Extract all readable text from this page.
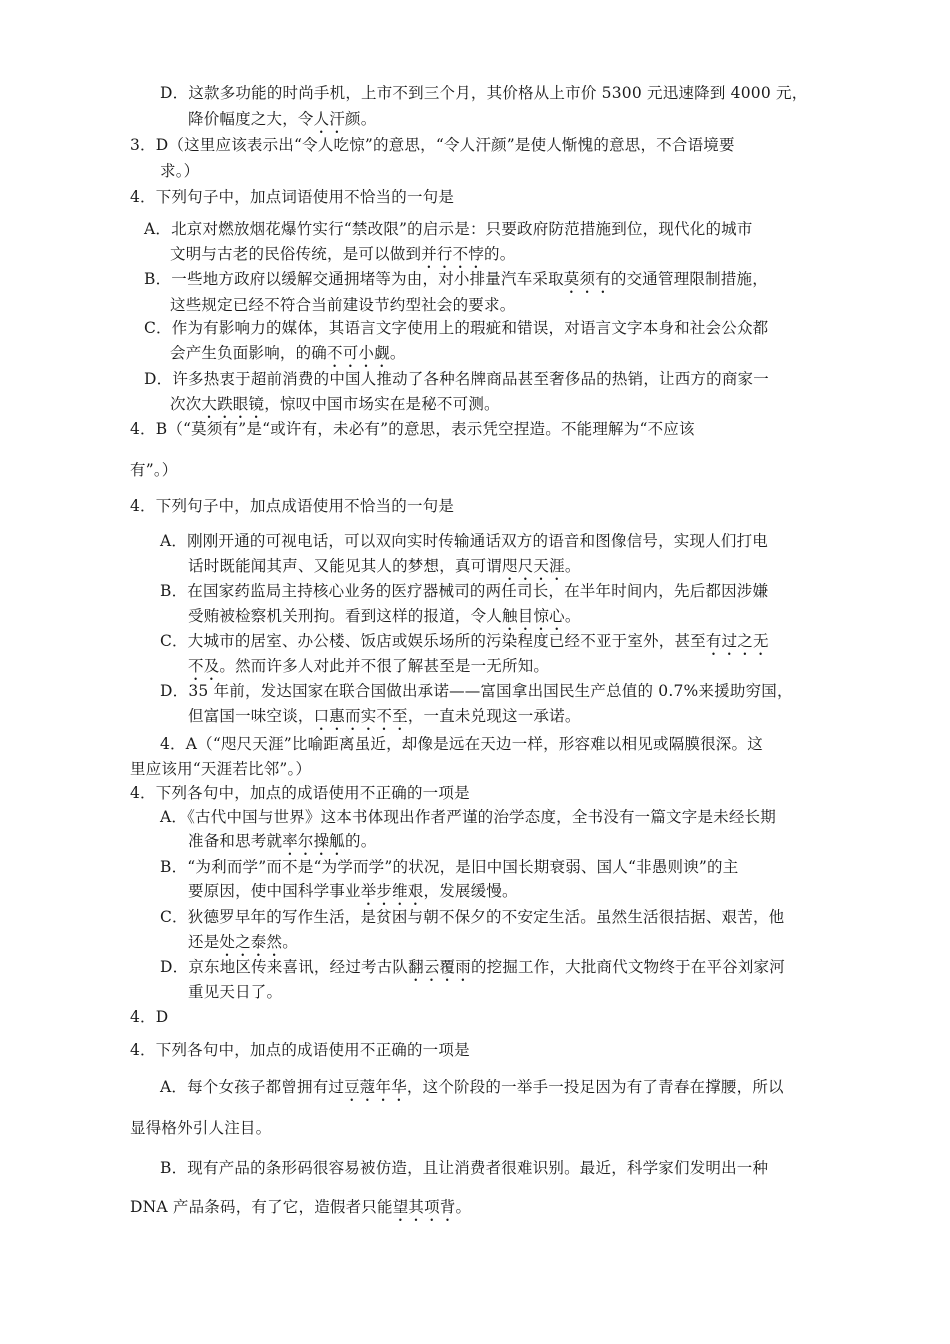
D．这款多功能的时尚手机，上市不到三个月，其价格从上市价 5300 元迅速降到 4000 元，
降价幅度之大，令人汗颜。
3．D（这里应该表示出“令人吃惊”的意思，“令人汗颜”是使人惭愧的意思，不合语境要
求。）
4．下列句子中，加点词语使用不恰当的一句是
A．北京对燃放烟花爆竹实行“禁改限”的启示是：只要政府防范措施到位，现代化的城市
文明与古老的民俗传统，是可以做到并行不悖的。
B．一些地方政府以缓解交通拥堵等为由，对小排量汽车采取莫须有的交通管理限制措施，
这些规定已经不符合当前建设节约型社会的要求。
C．作为有影响力的媒体，其语言文字使用上的瑕疵和错误，对语言文字本身和社会公众都
会产生负面影响，的确不可小觑。
D．许多热衷于超前消费的中国人推动了各种名牌商品甚至奢侈品的热销，让西方的商家一
次次大跌眼镜，惊叹中国市场实在是秘不可测。
4．B（“莫须有”是“或许有，未必有”的意思，表示凭空捏造。不能理解为“不应该
有”。）
4．下列句子中，加点成语使用不恰当的一句是
A．刚刚开通的可视电话，可以双向实时传输通话双方的语音和图像信号，实现人们打电
话时既能闻其声、又能见其人的梦想，真可谓咫尺天涯。
B．在国家药监局主持核心业务的医疗器械司的两任司长，在半年时间内，先后都因涉嫌
受贿被检察机关刑拘。看到这样的报道，令人触目惊心。
C．大城市的居室、办公楼、饭店或娱乐场所的污染程度已经不亚于室外，甚至有过之无
不及。然而许多人对此并不很了解甚至是一无所知。
D．35 年前，发达国家在联合国做出承诺——富国拿出国民生产总值的 0.7%来援助穷国，
但富国一味空谈，口惠而实不至，一直未兑现这一承诺。
4．A（“咫尺天涯”比喻距离虽近，却像是远在天边一样，形容难以相见或隔膜很深。这
里应该用“天涯若比邻”。）
4．下列各句中，加点的成语使用不正确的一项是
A．《古代中国与世界》这本书体现出作者严谨的治学态度，全书没有一篇文字是未经长期
准备和思考就率尔操觚的。
B．“为利而学”而不是“为学而学”的状况，是旧中国长期衰弱、国人“非愚则谀”的主
要原因，使中国科学事业举步维艰，发展缓慢。
C．狄德罗早年的写作生活，是贫困与朝不保夕的不安定生活。虽然生活很拮据、艰苦，他
还是处之泰然。
D．京东地区传来喜讯，经过考古队翻云覆雨的挖掘工作，大批商代文物终于在平谷刘家河
重见天日了。
4．D
4．下列各句中，加点的成语使用不正确的一项是
A．每个女孩子都曾拥有过豆蔻年华，这个阶段的一举手一投足因为有了青春在撑腰，所以
显得格外引人注目。
B．现有产品的条形码很容易被仿造，且让消费者很难识别。最近，科学家们发明出一种
DNA 产品条码，有了它，造假者只能望其项背。
